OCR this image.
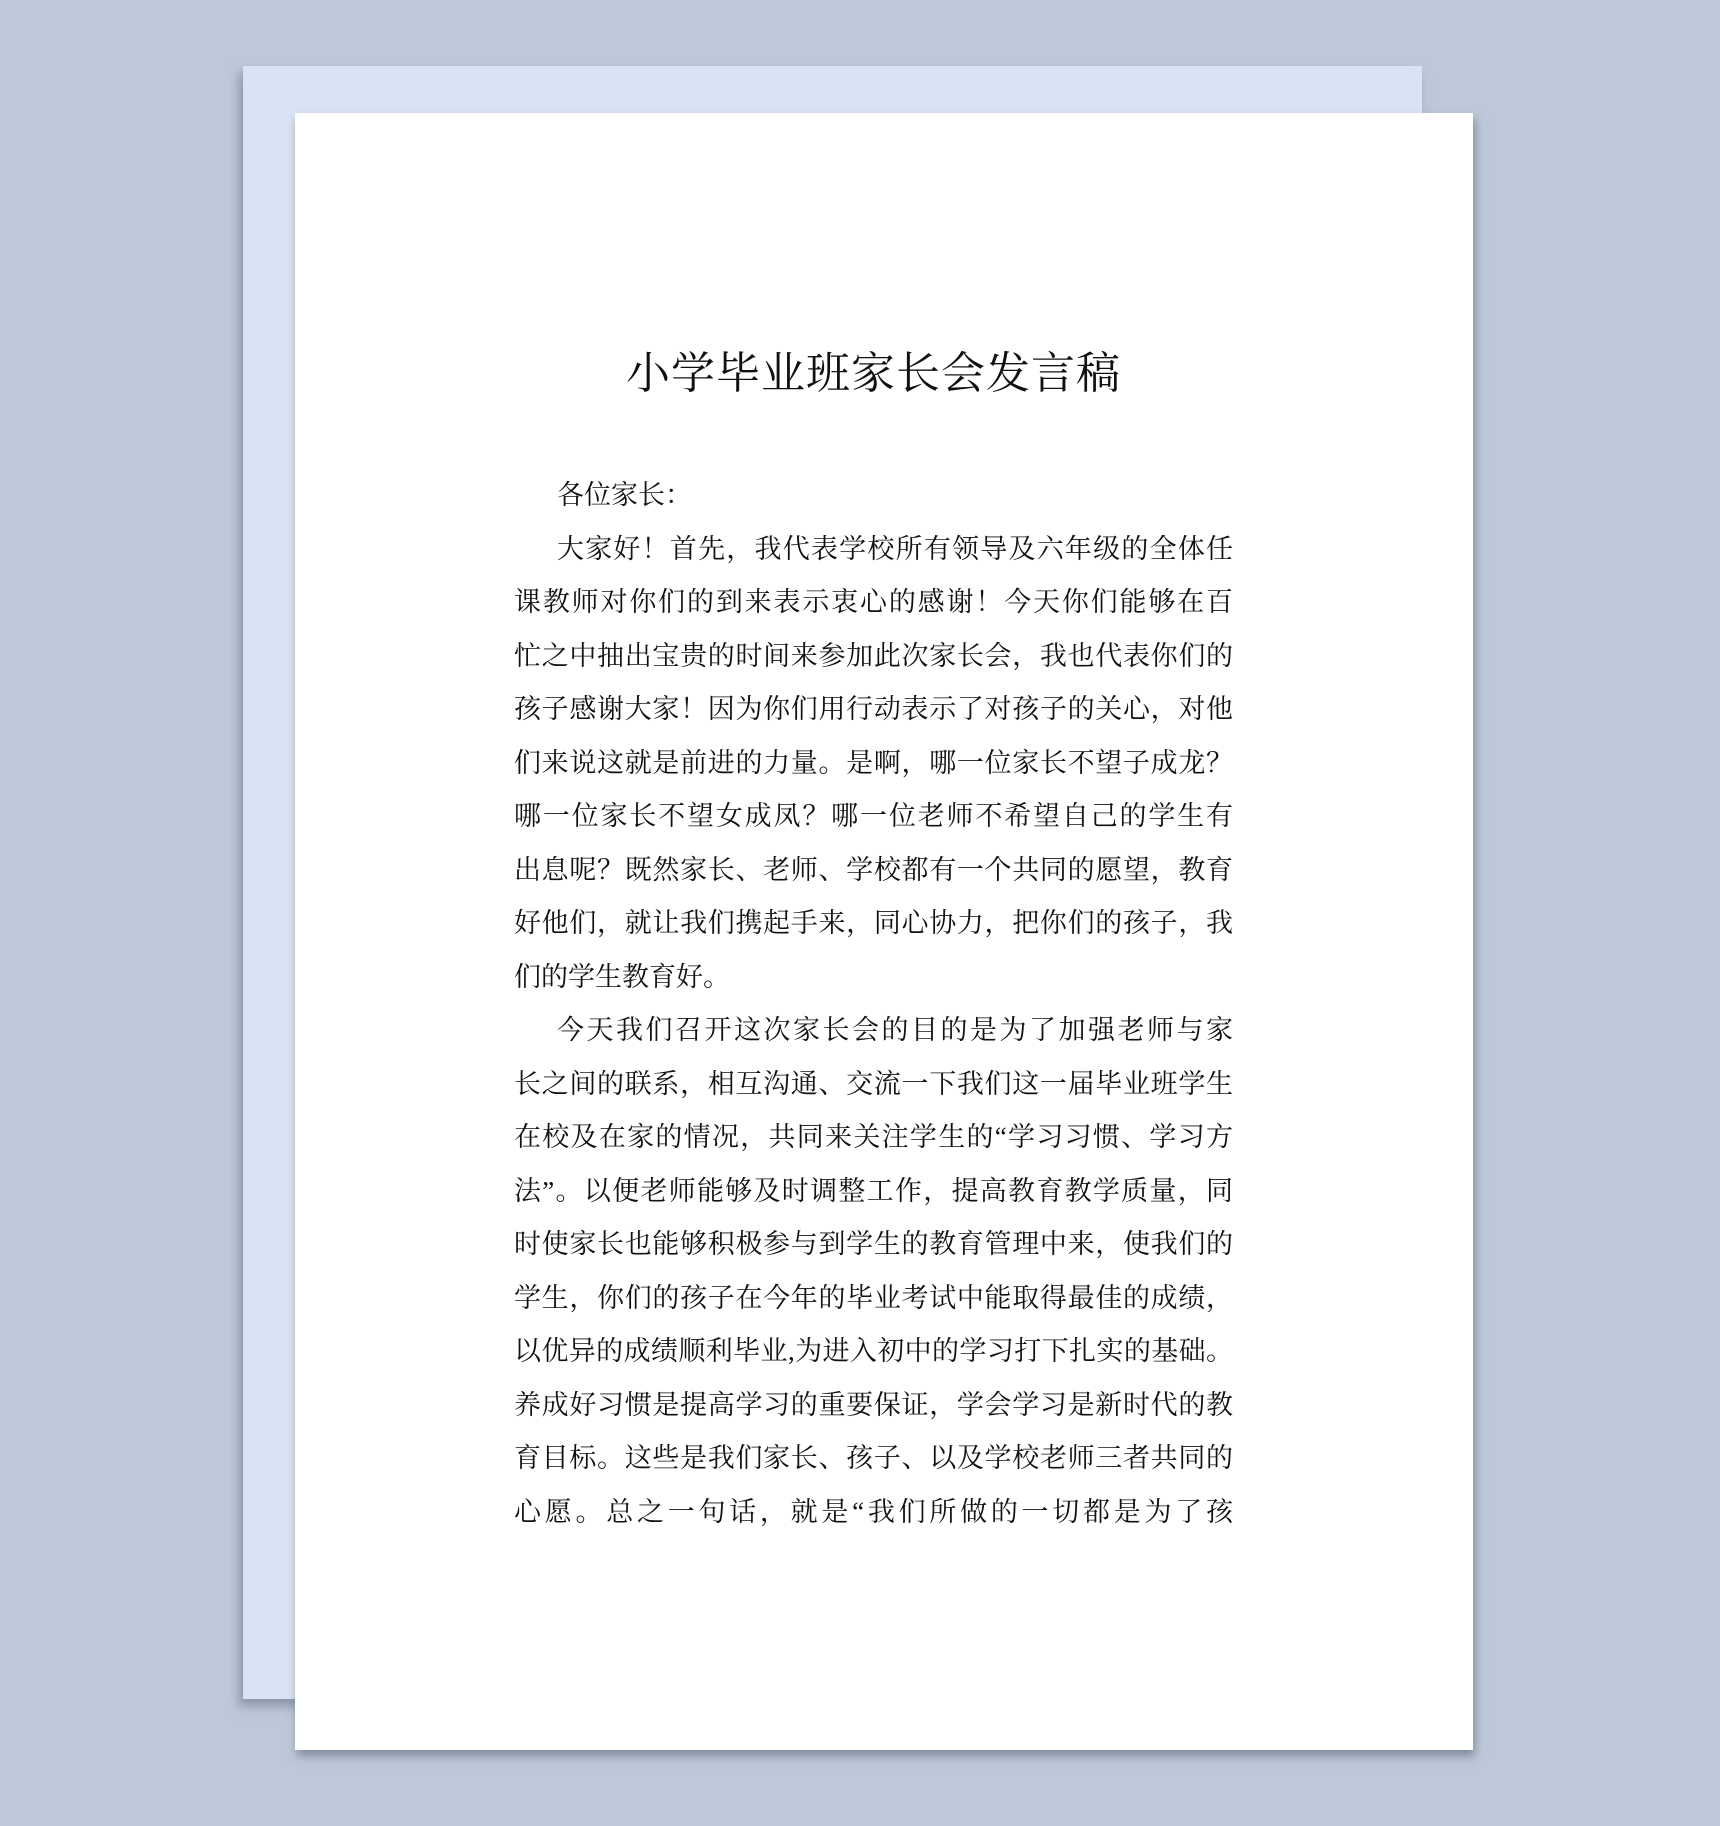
小学毕业班家长会发言稿
各位家长：
大家好！首先，我代表学校所有领导及六年级的全体任
课教师对你们的到来表示衷心的感谢！今天你们能够在百
忙之中抽出宝贵的时间来参加此次家长会，我也代表你们的
孩子感谢大家！因为你们用行动表示了对孩子的关心，对他
们来说这就是前进的力量。是啊，哪一位家长不望子成龙？
哪一位家长不望女成凤？哪一位老师不希望自己的学生有
出息呢？既然家长、老师、学校都有一个共同的愿望，教育
好他们，就让我们携起手来，同心协力，把你们的孩子，我
们的学生教育好。
今天我们召开这次家长会的目的是为了加强老师与家
长之间的联系，相互沟通、交流一下我们这一届毕业班学生
在校及在家的情况，共同来关注学生的“学习习惯、学习方
法”。以便老师能够及时调整工作，提高教育教学质量，同
时使家长也能够积极参与到学生的教育管理中来，使我们的
学生，你们的孩子在今年的毕业考试中能取得最佳的成绩，
以优异的成绩顺利毕业,为进入初中的学习打下扎实的基础。
养成好习惯是提高学习的重要保证，学会学习是新时代的教
育目标。这些是我们家长、孩子、以及学校老师三者共同的
心愿。总之一句话，就是“我们所做的一切都是为了孩
